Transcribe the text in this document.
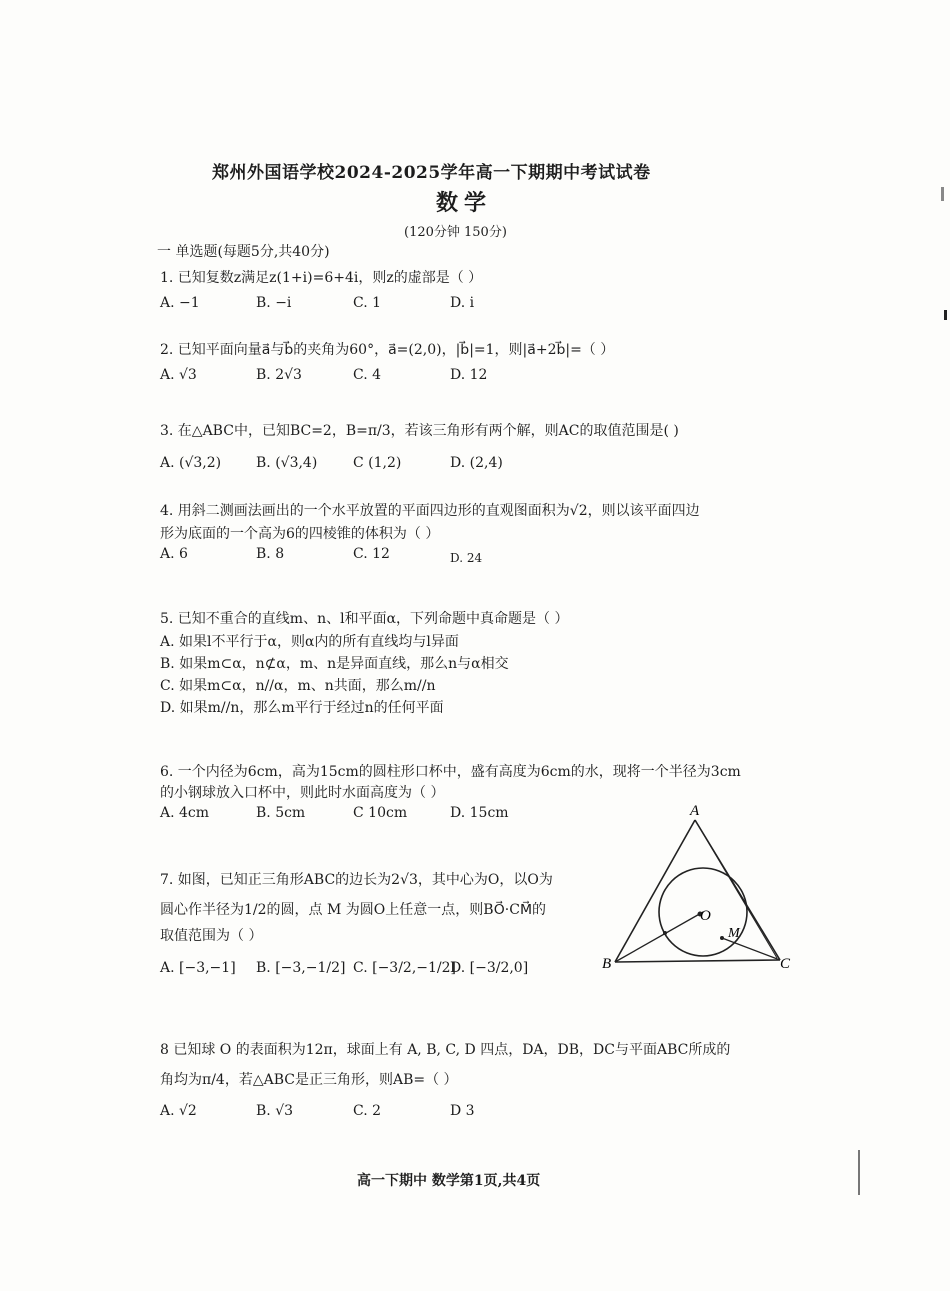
郑州外国语学校2024-2025学年高一下期期中考试试卷
数学
(120分钟 150分)
一 单选题(每题5分,共40分)
1. 已知复数z满足z(1+i)=6+4i，则z的虚部是（ ）
A. −1	B. −i	C. 1	D. i
2. 已知平面向量a⃗与b⃗的夹角为60°，a⃗=(2,0)，|b⃗|=1，则|a⃗+2b⃗|=（ ）
A. √3	B. 2√3	C. 4	D. 12
3. 在△ABC中，已知BC=2，B=π/3，若该三角形有两个解，则AC的取值范围是( )
A. (√3,2) B. (√3,4)	C (1,2)	D. (2,4)
4. 用斜二测画法画出的一个水平放置的平面四边形的直观图面积为√2，则以该平面四边
形为底面的一个高为6的四棱锥的体积为（ ）
A. 6	B. 8	C. 12	D. 24
5. 已知不重合的直线m、n、l和平面α，下列命题中真命题是（ ）
A. 如果l不平行于α，则α内的所有直线均与l异面
B. 如果m⊂α，n⊄α，m、n是异面直线，那么n与α相交
C. 如果m⊂α，n//α，m、n共面，那么m//n
D. 如果m//n，那么m平行于经过n的任何平面
6. 一个内径为6cm，高为15cm的圆柱形口杯中，盛有高度为6cm的水，现将一个半径为3cm
的小钢球放入口杯中，则此时水面高度为（ ）
A. 4cm	B. 5cm	C 10cm	D. 15cm
7. 如图，已知正三角形ABC的边长为2√3，其中心为O，以O为
圆心作半径为1/2的圆，点 M 为圆O上任意一点，则BO⃗·CM⃗的
取值范围为（ ）
A. [−3,−1] B. [−3,−1/2] C. [−3/2,−1/2]
D. [−3/2,0]
A
B	C
O
M
8 已知球 O 的表面积为12π，球面上有 A, B, C, D 四点，DA，DB，DC与平面ABC所成的
角均为π/4，若△ABC是正三角形，则AB=（ ）
A. √2	B. √3	C. 2	D 3
高一下期中 数学第1页,共4页
